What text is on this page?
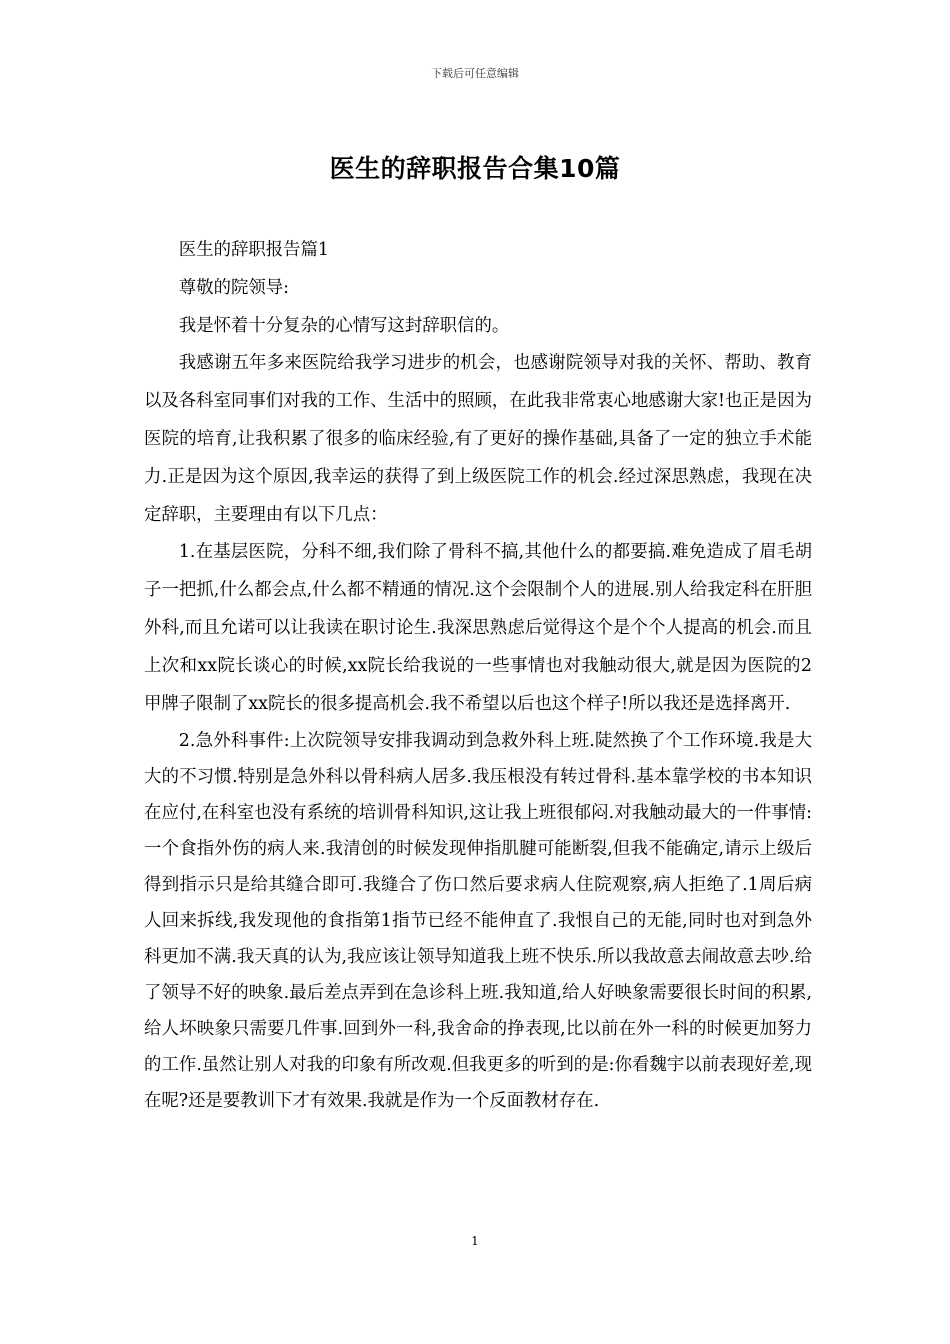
下载后可任意编辑
医生的辞职报告合集10篇

医生的辞职报告篇1

尊敬的院领导:

我是怀着十分复杂的心情写这封辞职信的。

我感谢五年多来医院给我学习进步的机会，也感谢院领导对我的关怀、帮助、教育以及各科室同事们对我的工作、生活中的照顾，在此我非常衷心地感谢大家!也正是因为医院的培育,让我积累了很多的临床经验,有了更好的操作基础,具备了一定的独立手术能力.正是因为这个原因,我幸运的获得了到上级医院工作的机会.经过深思熟虑，我现在决定辞职，主要理由有以下几点：

1.在基层医院，分科不细,我们除了骨科不搞,其他什么的都要搞.难免造成了眉毛胡子一把抓,什么都会点,什么都不精通的情况.这个会限制个人的进展.别人给我定科在肝胆外科,而且允诺可以让我读在职讨论生.我深思熟虑后觉得这个是个个人提高的机会.而且上次和xx院长谈心的时候,xx院长给我说的一些事情也对我触动很大,就是因为医院的2甲牌子限制了xx院长的很多提高机会.我不希望以后也这个样子!所以我还是选择离开.

2.急外科事件:上次院领导安排我调动到急救外科上班.陡然换了个工作环境.我是大大的不习惯.特别是急外科以骨科病人居多.我压根没有转过骨科.基本靠学校的书本知识在应付,在科室也没有系统的培训骨科知识,这让我上班很郁闷.对我触动最大的一件事情:一个食指外伤的病人来.我清创的时候发现伸指肌腱可能断裂,但我不能确定,请示上级后得到指示只是给其缝合即可.我缝合了伤口然后要求病人住院观察,病人拒绝了.1周后病人回来拆线,我发现他的食指第1指节已经不能伸直了.我恨自己的无能,同时也对到急外科更加不满.我天真的认为,我应该让领导知道我上班不快乐.所以我故意去闹故意去吵.给了领导不好的映象.最后差点弄到在急诊科上班.我知道,给人好映象需要很长时间的积累,给人坏映象只需要几件事.回到外一科,我舍命的挣表现,比以前在外一科的时候更加努力的工作.虽然让别人对我的印象有所改观.但我更多的听到的是:你看魏宇以前表现好差,现在呢?还是要教训下才有效果.我就是作为一个反面教材存在.

1
